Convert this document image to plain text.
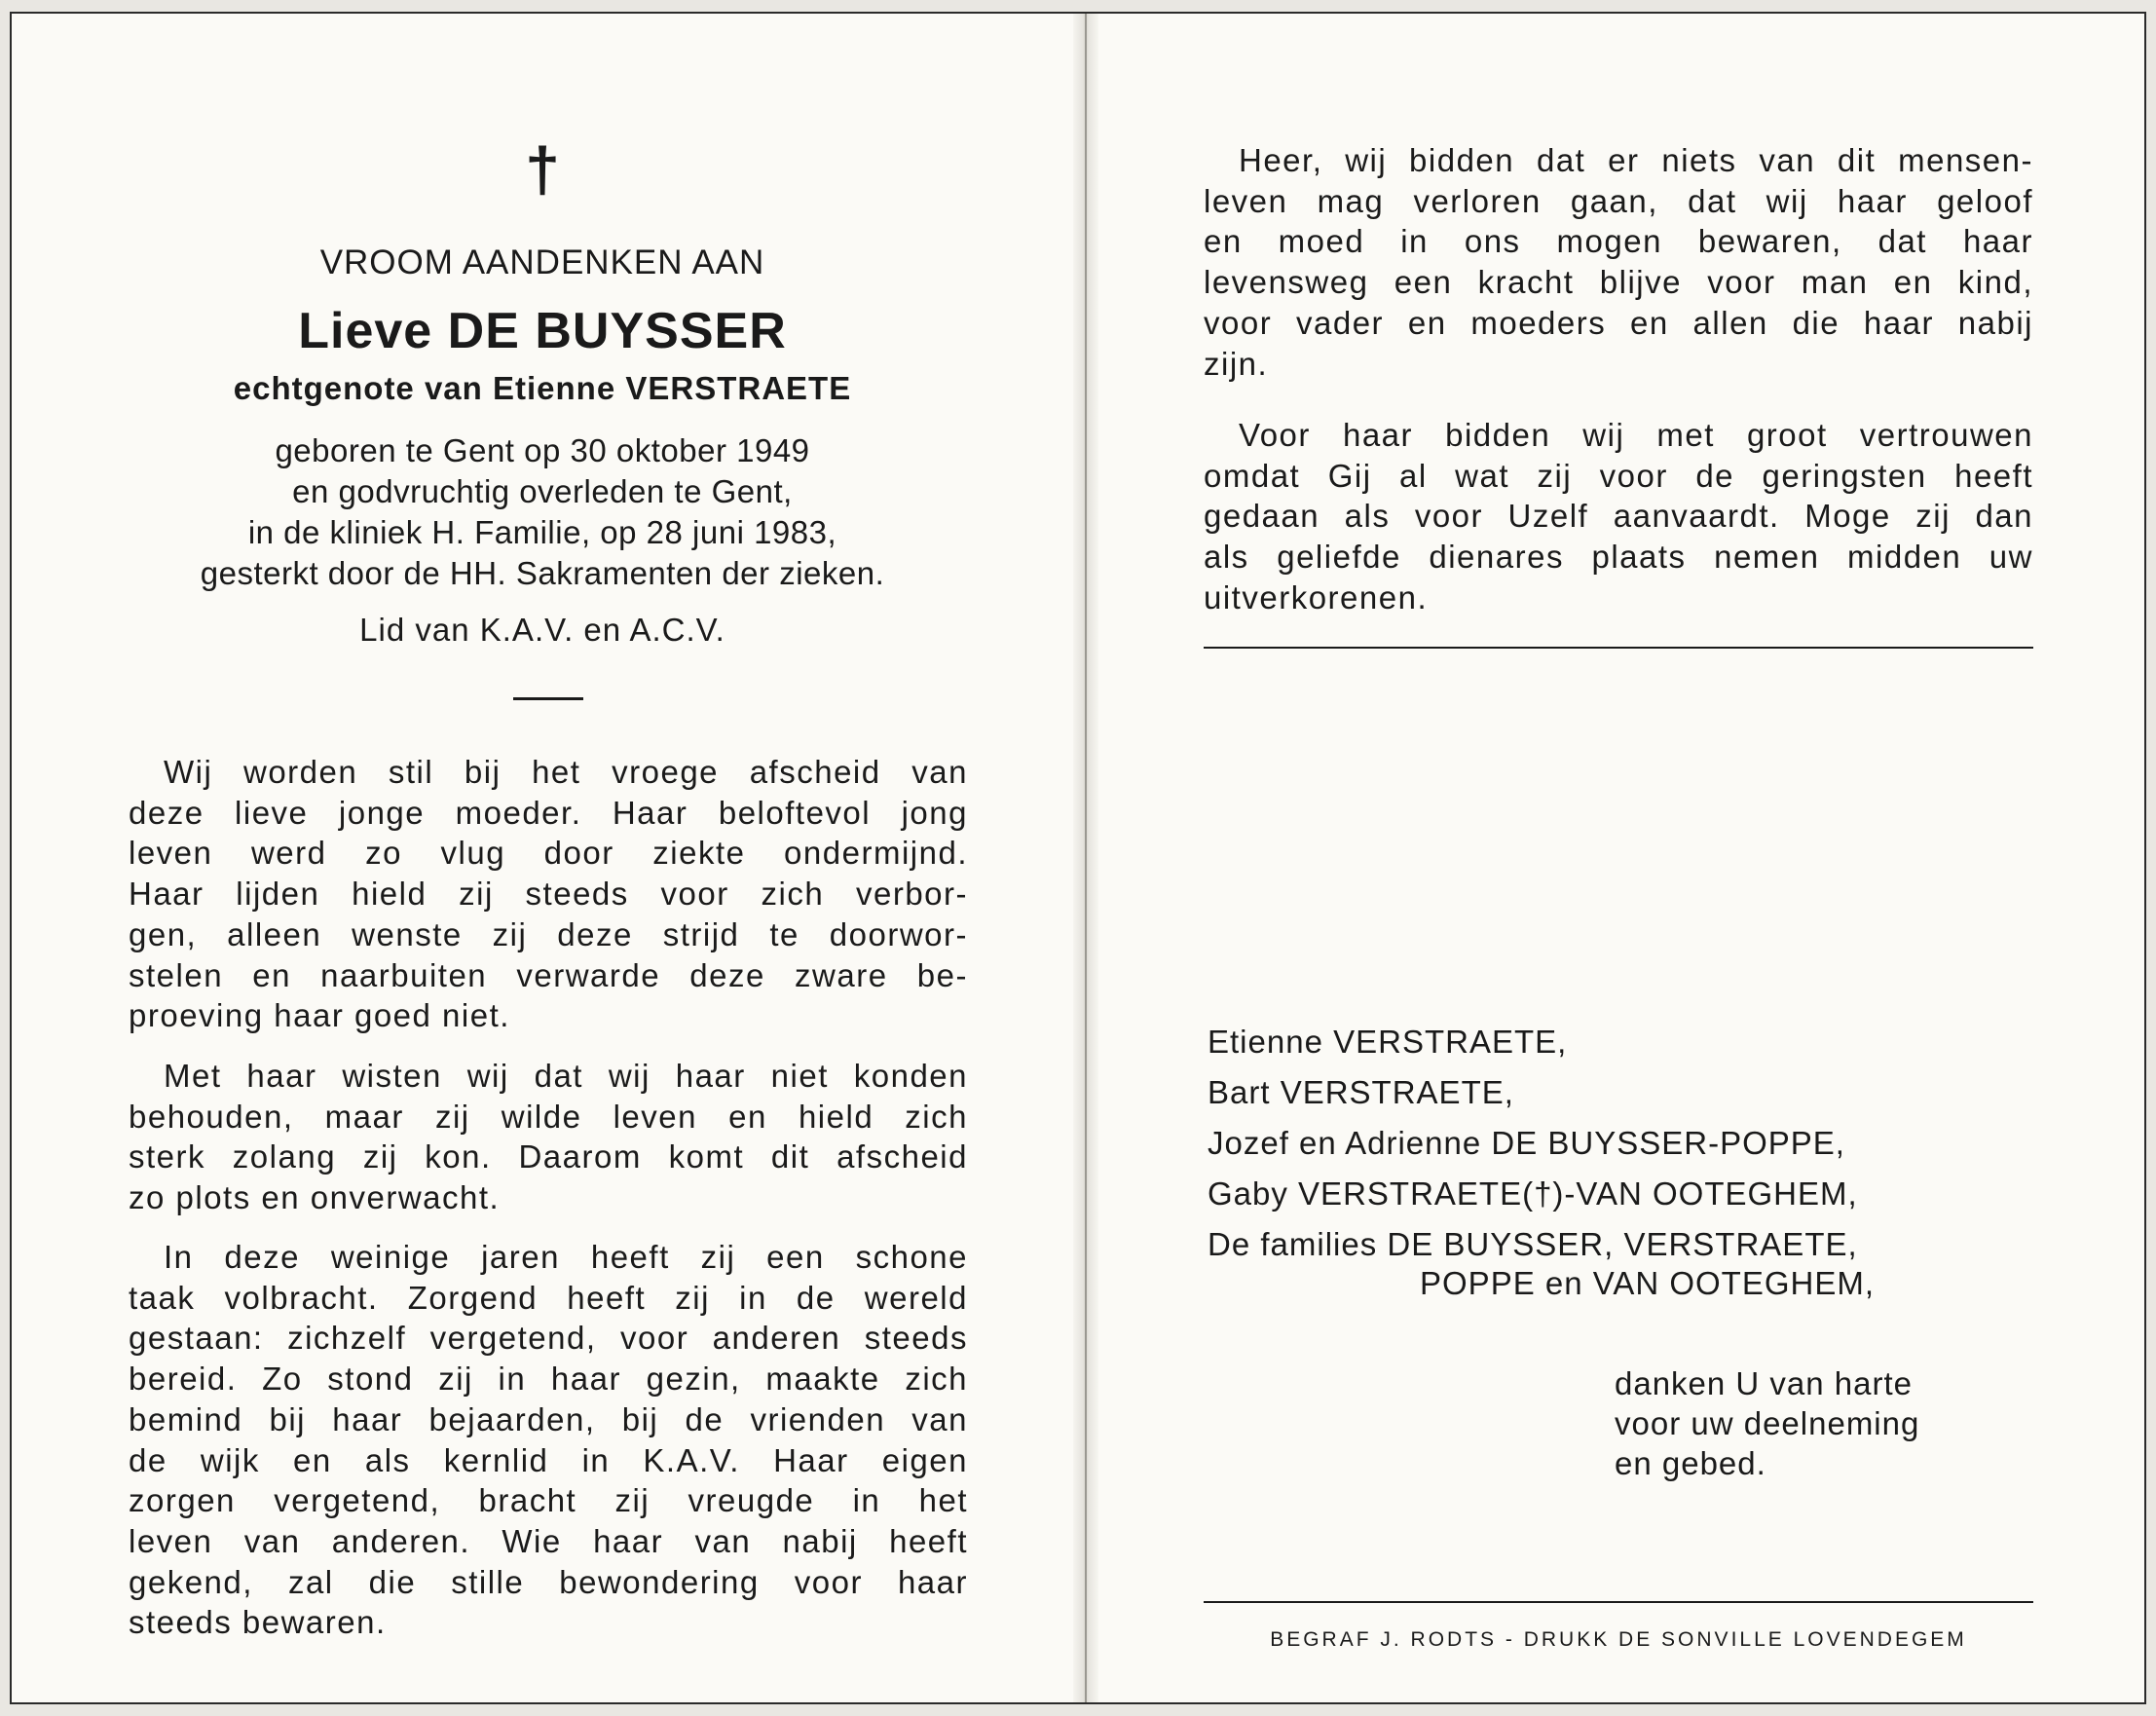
†
VROOM AANDENKEN AAN
Lieve DE BUYSSER
echtgenote van Etienne VERSTRAETE
geboren te Gent op 30 oktober 1949
en godvruchtig overleden te Gent,
in de kliniek H. Familie, op 28 juni 1983,
gesterkt door de HH. Sakramenten der zieken.
Lid van K.A.V. en A.C.V.
Wij worden stil bij het vroege afscheid van
deze lieve jonge moeder. Haar beloftevol jong
leven werd zo vlug door ziekte ondermijnd.
Haar lijden hield zij steeds voor zich verbor-
gen, alleen wenste zij deze strijd te doorwor-
stelen en naarbuiten verwarde deze zware be-
proeving haar goed niet.
Met haar wisten wij dat wij haar niet konden
behouden, maar zij wilde leven en hield zich
sterk zolang zij kon. Daarom komt dit afscheid
zo plots en onverwacht.
In deze weinige jaren heeft zij een schone
taak volbracht. Zorgend heeft zij in de wereld
gestaan: zichzelf vergetend, voor anderen steeds
bereid. Zo stond zij in haar gezin, maakte zich
bemind bij haar bejaarden, bij de vrienden van
de wijk en als kernlid in K.A.V. Haar eigen
zorgen vergetend, bracht zij vreugde in het
leven van anderen. Wie haar van nabij heeft
gekend, zal die stille bewondering voor haar
steeds bewaren.
Heer, wij bidden dat er niets van dit mensen-
leven mag verloren gaan, dat wij haar geloof
en moed in ons mogen bewaren, dat haar
levensweg een kracht blijve voor man en kind,
voor vader en moeders en allen die haar nabij
zijn.
Voor haar bidden wij met groot vertrouwen
omdat Gij al wat zij voor de geringsten heeft
gedaan als voor Uzelf aanvaardt. Moge zij dan
als geliefde dienares plaats nemen midden uw
uitverkorenen.
Etienne VERSTRAETE,
Bart VERSTRAETE,
Jozef en Adrienne DE BUYSSER-POPPE,
Gaby VERSTRAETE(†)-VAN OOTEGHEM,
De families DE BUYSSER, VERSTRAETE,
POPPE en VAN OOTEGHEM,
danken U van harte
voor uw deelneming
en gebed.
BEGRAF J. RODTS - DRUKK DE SONVILLE LOVENDEGEM
